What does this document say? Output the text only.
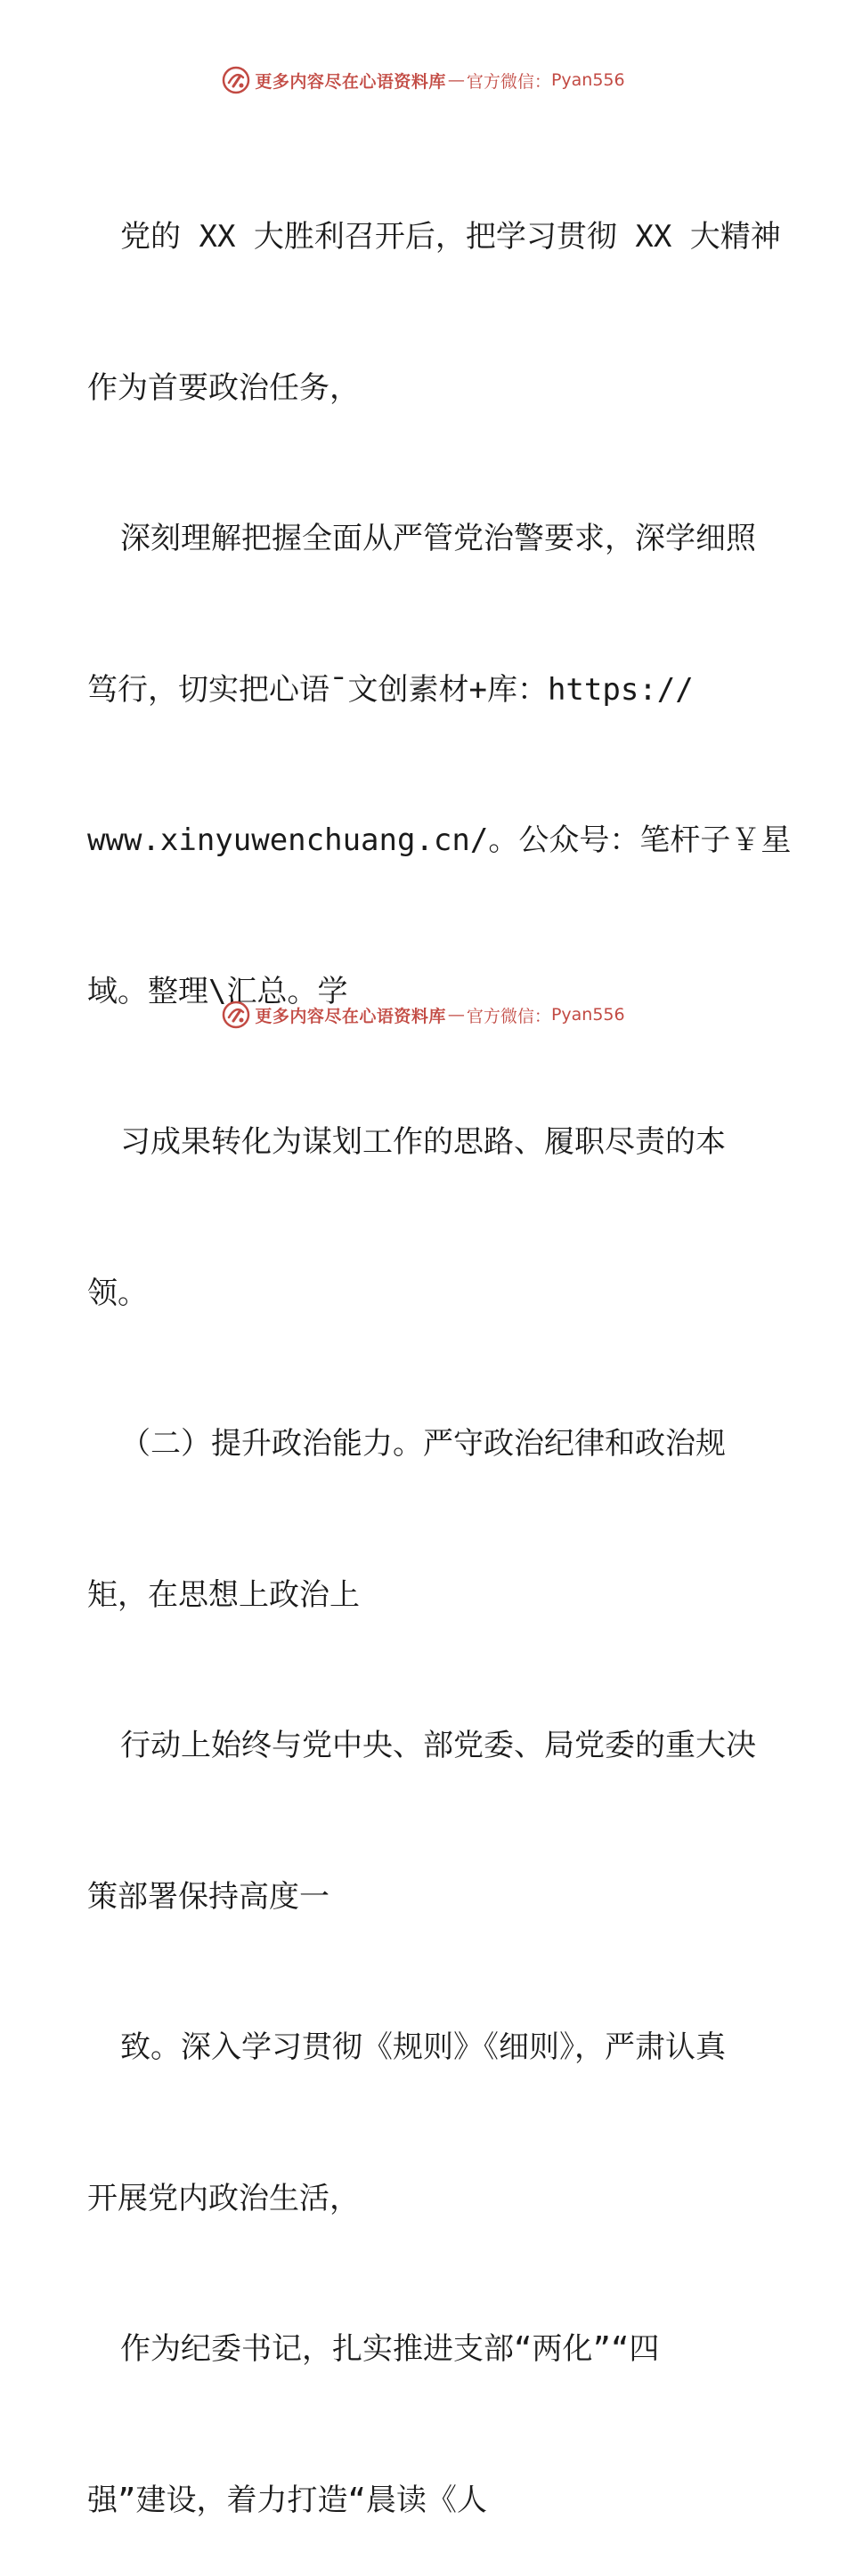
更多内容尽在心语资料库 — 官方微信： Pyan556

党的 XX 大胜利召开后，把学习贯彻 XX 大精神

作为首要政治任务，

深刻理解把握全面从严管党治警要求，深学细照

笃行，切实把心语¯文创素材+库：https://

www.xinyuwenchuang.cn/。公众号：笔杆子￥星

域。整理\汇总。学

习成果转化为谋划工作的思路、履职尽责的本

领。

（二）提升政治能力。严守政治纪律和政治规

矩，在思想上政治上

行动上始终与党中央、部党委、局党委的重大决

策部署保持高度一

致。深入学习贯彻《规则》《细则》，严肃认真

开展党内政治生活，

作为纪委书记，扎实推进支部“两化”“四

强”建设，着力打造“晨读《人

更多内容尽在心语资料库 — 官方微信： Pyan556
